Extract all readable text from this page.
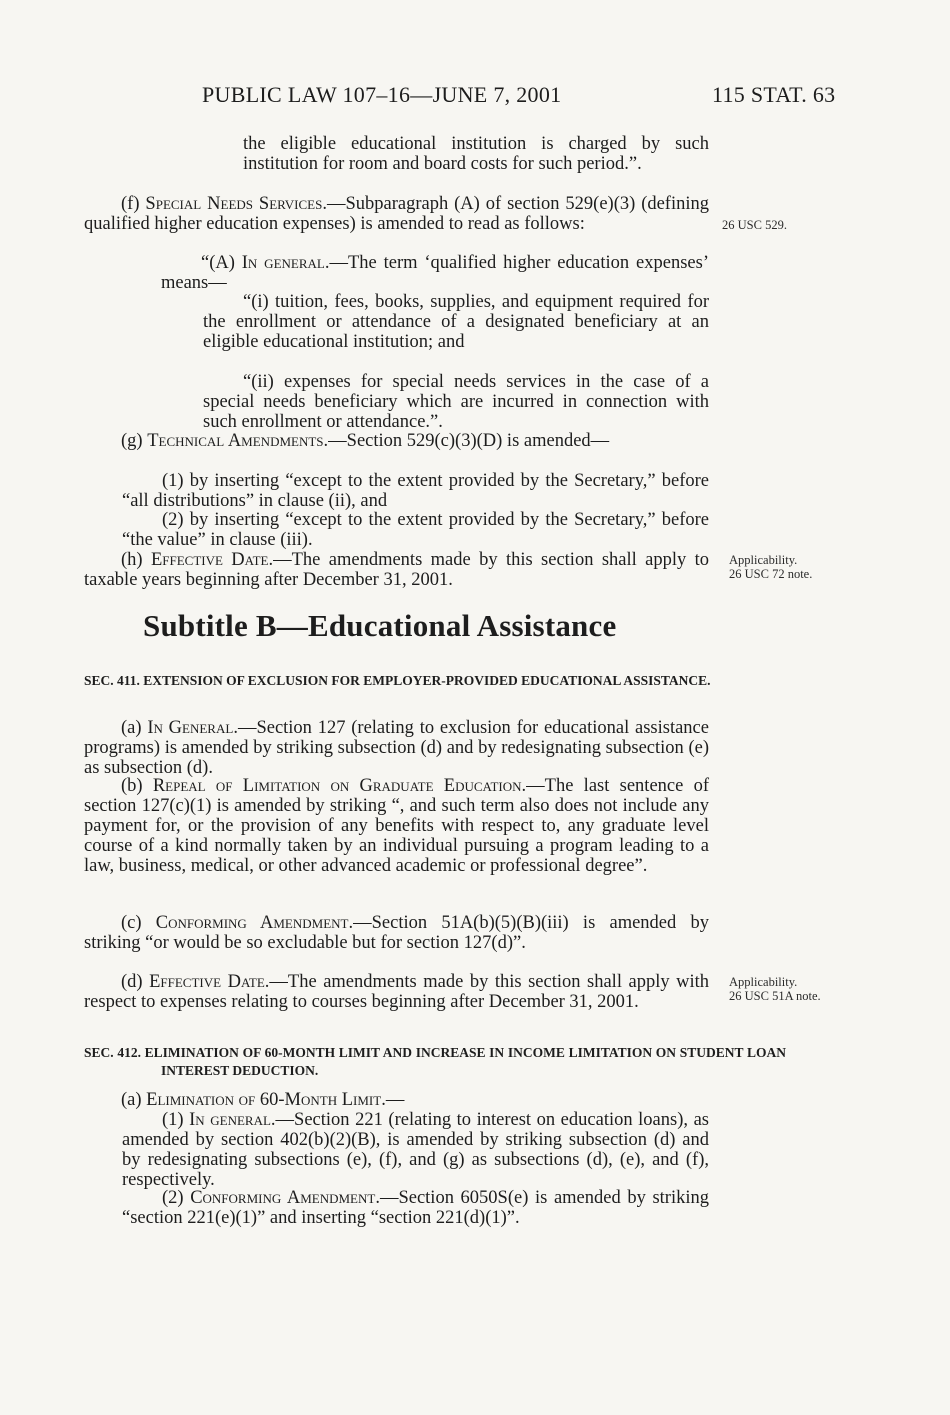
PUBLIC LAW 107–16—JUNE 7, 2001	115 STAT. 63

the eligible educational institution is charged by such institution for room and board costs for such period.”.

(f) Special Needs Services.—Subparagraph (A) of section 529(e)(3) (defining qualified higher education expenses) is amended to read as follows:

“(A) In general.—The term ‘qualified higher education expenses’ means—

“(i) tuition, fees, books, supplies, and equipment required for the enrollment or attendance of a designated beneficiary at an eligible educational institution; and

“(ii) expenses for special needs services in the case of a special needs beneficiary which are incurred in connection with such enrollment or attendance.”.

(g) Technical Amendments.—Section 529(c)(3)(D) is amended—

(1) by inserting “except to the extent provided by the Secretary,” before “all distributions” in clause (ii), and

(2) by inserting “except to the extent provided by the Secretary,” before “the value” in clause (iii).

(h) Effective Date.—The amendments made by this section shall apply to taxable years beginning after December 31, 2001.

Subtitle B—Educational Assistance

SEC. 411. EXTENSION OF EXCLUSION FOR EMPLOYER-PROVIDED EDUCATIONAL ASSISTANCE.

(a) In General.—Section 127 (relating to exclusion for educational assistance programs) is amended by striking subsection (d) and by redesignating subsection (e) as subsection (d).

(b) Repeal of Limitation on Graduate Education.—The last sentence of section 127(c)(1) is amended by striking “, and such term also does not include any payment for, or the provision of any benefits with respect to, any graduate level course of a kind normally taken by an individual pursuing a program leading to a law, business, medical, or other advanced academic or professional degree”.

(c) Conforming Amendment.—Section 51A(b)(5)(B)(iii) is amended by striking “or would be so excludable but for section 127(d)”.

(d) Effective Date.—The amendments made by this section shall apply with respect to expenses relating to courses beginning after December 31, 2001.

SEC. 412. ELIMINATION OF 60-MONTH LIMIT AND INCREASE IN INCOME LIMITATION ON STUDENT LOAN INTEREST DEDUCTION.

(a) Elimination of 60-Month Limit.—

(1) In general.—Section 221 (relating to interest on education loans), as amended by section 402(b)(2)(B), is amended by striking subsection (d) and by redesignating subsections (e), (f), and (g) as subsections (d), (e), and (f), respectively.

(2) Conforming Amendment.—Section 6050S(e) is amended by striking “section 221(e)(1)” and inserting “section 221(d)(1)”.

26 USC 529.
Applicability.
26 USC 72 note.
Applicability.
26 USC 51A note.
